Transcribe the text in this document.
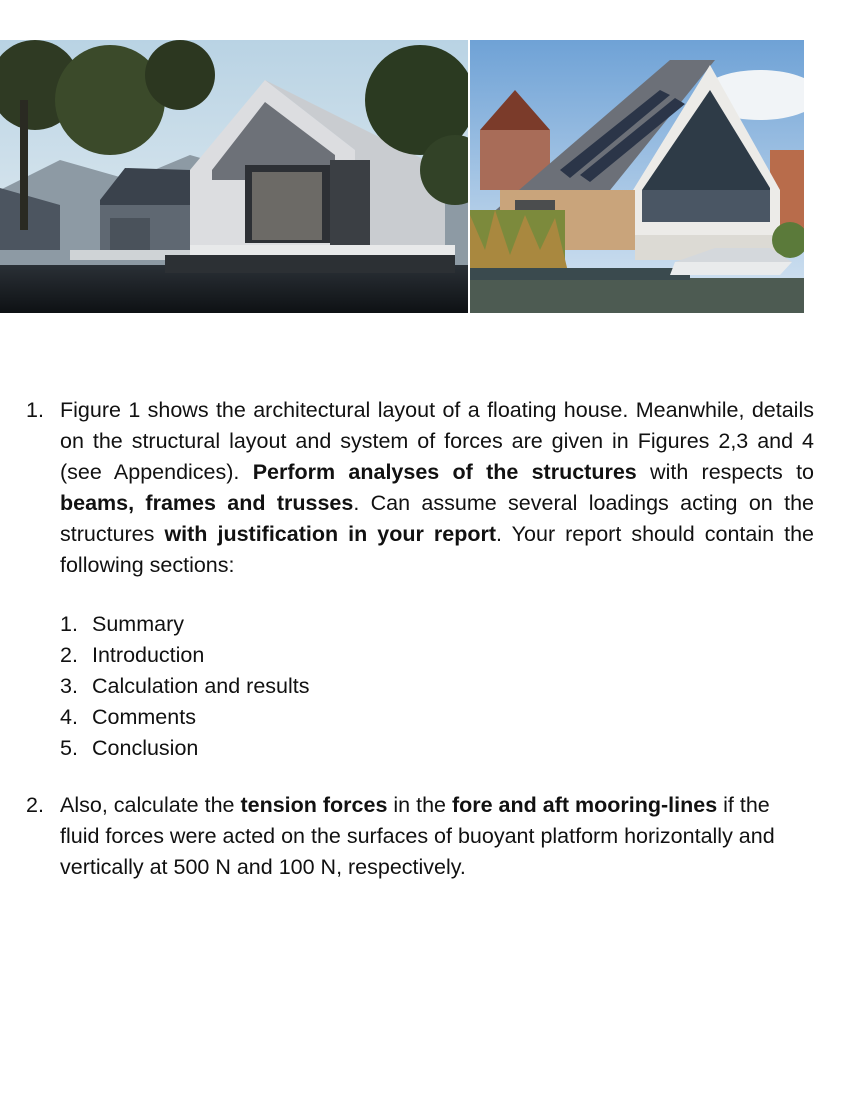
1. Figure 1 shows the architectural layout of a floating house. Meanwhile, details on the structural layout and system of forces are given in Figures 2,3 and 4 (see Appendices). Perform analyses of the structures with respects to beams, frames and trusses. Can assume several loadings acting on the structures with justification in your report. Your report should contain the following sections:
1. Summary
2. Introduction
3. Calculation and results
4. Comments
5. Conclusion
2. Also, calculate the tension forces in the fore and aft mooring-lines if the fluid forces were acted on the surfaces of buoyant platform horizontally and vertically at 500 N and 100 N, respectively.
